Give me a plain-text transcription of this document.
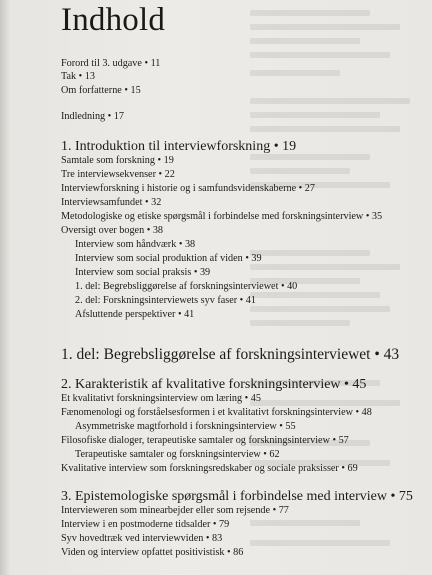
Indhold
Forord til 3. udgave • 11
Tak • 13
Om forfatterne • 15
Indledning • 17
1. Introduktion til interviewforskning • 19
Samtale som forskning • 19
Tre interviewsekvenser • 22
Interviewforskning i historie og i samfundsvidenskaberne • 27
Interviewsamfundet • 32
Metodologiske og etiske spørgsmål i forbindelse med forskningsinterview • 35
Oversigt over bogen • 38
Interview som håndværk • 38
Interview som social produktion af viden • 39
Interview som social praksis • 39
1. del: Begrebsliggørelse af forskningsinterviewet • 40
2. del: Forskningsinterviewets syv faser • 41
Afsluttende perspektiver • 41
1. del: Begrebsliggørelse af forskningsinterviewet • 43
2. Karakteristik af kvalitative forskningsinterview • 45
Et kvalitativt forskningsinterview om læring • 45
Fænomenologi og forståelsesformen i et kvalitativt forskningsinterview • 48
Asymmetriske magtforhold i forskningsinterview • 55
Filosofiske dialoger, terapeutiske samtaler og forskningsinterview • 57
Terapeutiske samtaler og forskningsinterview • 62
Kvalitative interview som forskningsredskaber og sociale praksisser • 69
3. Epistemologiske spørgsmål i forbindelse med interview • 75
Intervieweren som minearbejder eller som rejsende • 77
Interview i en postmoderne tidsalder • 79
Syv hovedtræk ved interviewviden • 83
Viden og interview opfattet positivistisk • 86
